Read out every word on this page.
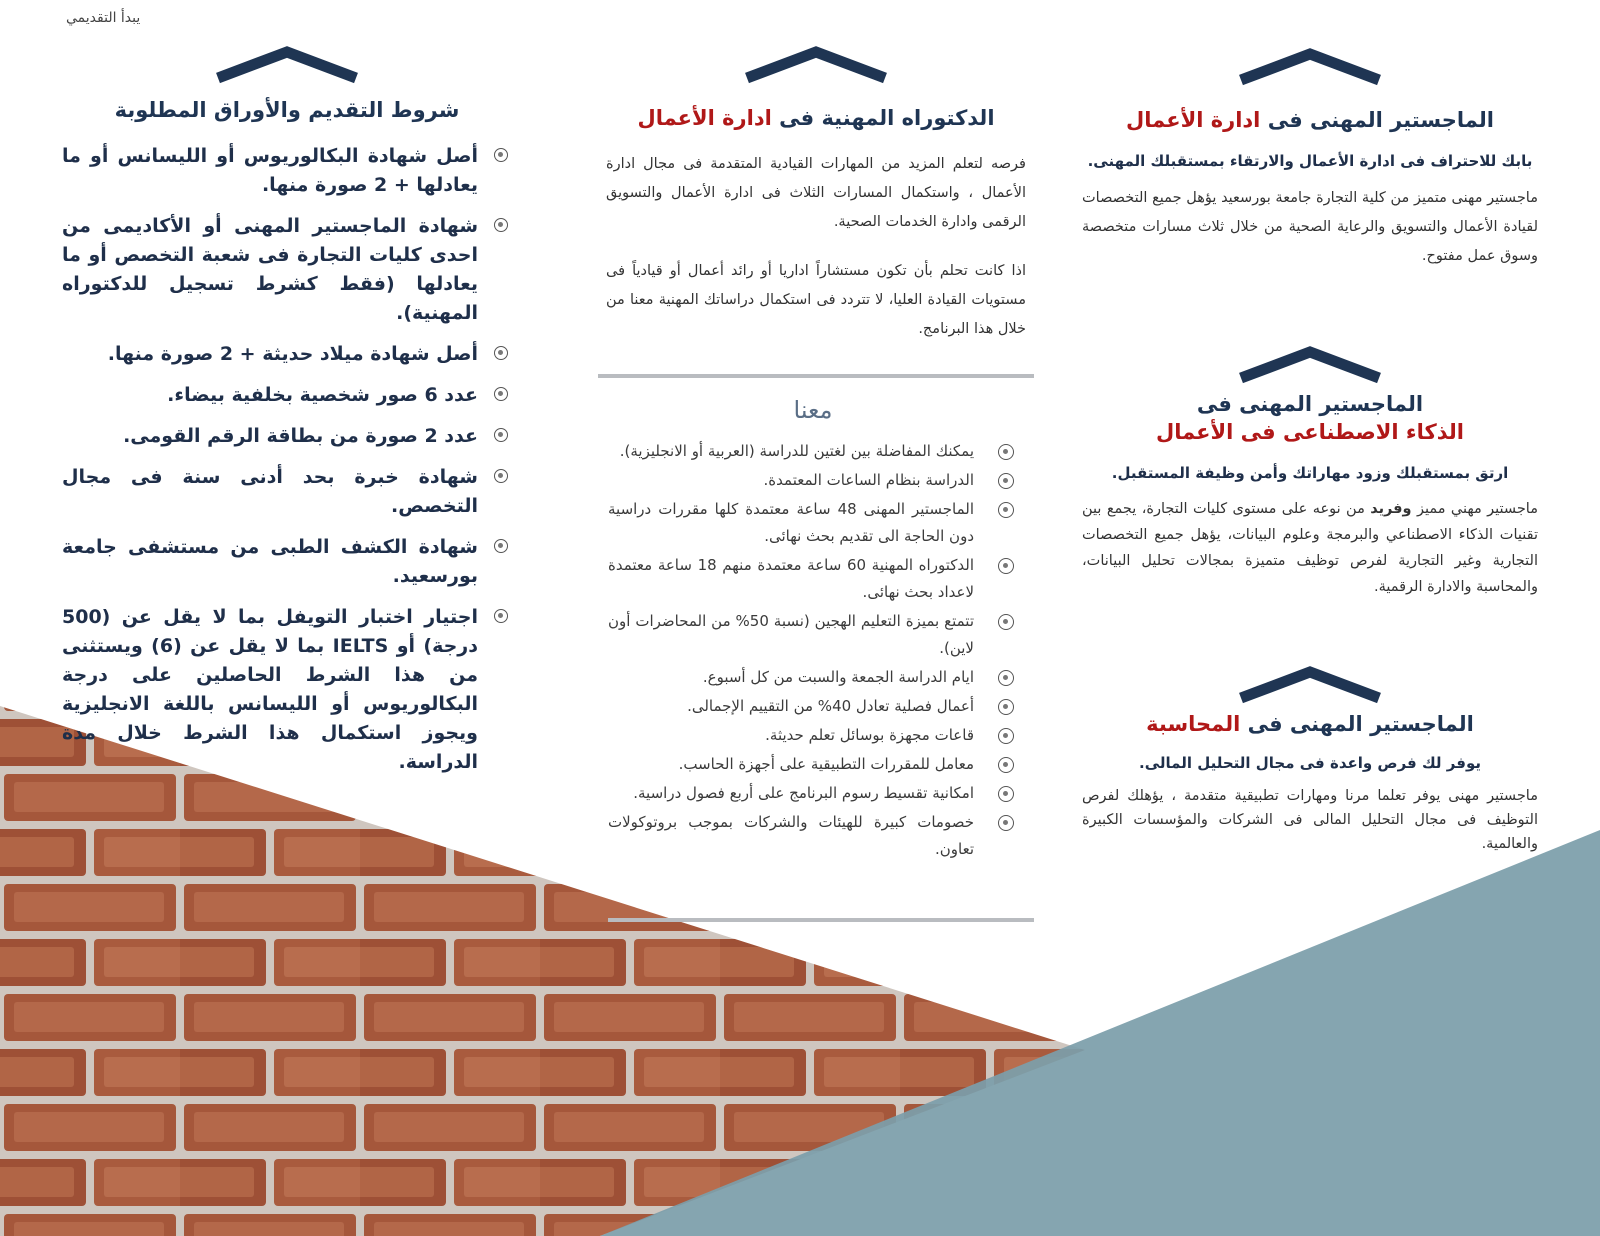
يبدأ التقديمي
شروط التقديم والأوراق المطلوبة
أصل شهادة البكالوريوس أو الليسانس أو ما يعادلها + 2 صورة منها.
شهادة الماجستير المهنى أو الأكاديمى من احدى كليات التجارة فى شعبة التخصص أو ما يعادلها (فقط كشرط تسجيل للدكتوراه المهنية).
أصل شهادة ميلاد حديثة + 2 صورة منها.
عدد 6 صور شخصية بخلفية بيضاء.
عدد 2 صورة من بطاقة الرقم القومى.
شهادة خبرة بحد أدنى سنة فى مجال التخصص.
شهادة الكشف الطبى من مستشفى جامعة بورسعيد.
اجتيار اختبار التويفل بما لا يقل عن (500 درجة) أو IELTS بما لا يقل عن (6) ويستثنى من هذا الشرط الحاصلين على درجة البكالوريوس أو الليسانس باللغة الانجليزية ويجوز استكمال هذا الشرط خلال مدة الدراسة.
الدكتوراه المهنية فى ادارة الأعمال

فرصه لتعلم المزيد من المهارات القيادية المتقدمة فى مجال ادارة الأعمال ، واستكمال المسارات الثلاث فى ادارة الأعمال والتسويق الرقمى وادارة الخدمات الصحية.

اذا كانت تحلم بأن تكون مستشاراً اداريا أو رائد أعمال أو قيادياً فى مستويات القيادة العليا، لا تتردد فى استكمال دراساتك المهنية معنا من خلال هذا البرنامج.

معنا

يمكنك المفاضلة بين لغتين للدراسة (العربية أو الانجليزية).
الدراسة بنظام الساعات المعتمدة.
الماجستير المهنى 48 ساعة معتمدة كلها مقررات دراسية دون الحاجة الى تقديم بحث نهائى.
الدكتوراه المهنية 60 ساعة معتمدة منهم 18 ساعة معتمدة لاعداد بحث نهائى.
تتمتع بميزة التعليم الهجين (نسبة 50% من المحاضرات أون لاين).
ايام الدراسة الجمعة والسبت من كل أسبوع.
أعمال فصلية تعادل 40% من التقييم الإجمالى.
قاعات مجهزة بوسائل تعلم حديثة.
معامل للمقررات التطبيقية على أجهزة الحاسب.
امكانية تقسيط رسوم البرنامج على أربع فصول دراسية.
خصومات كبيرة للهيئات والشركات بموجب بروتوكولات تعاون.
الماجستير المهنى فى ادارة الأعمال

بابك للاحتراف فى ادارة الأعمال والارتقاء بمستقبلك المهنى.

ماجستير مهنى متميز من كلية التجارة جامعة بورسعيد يؤهل جميع التخصصات لقيادة الأعمال والتسويق والرعاية الصحية من خلال ثلاث مسارات متخصصة وسوق عمل مفتوح.

الماجستير المهنى فى
الذكاء الاصطناعى فى الأعمال

ارتق بمستقبلك وزود مهاراتك وأمن وظيفة المستقبل.

ماجستير مهني مميز وفريد من نوعه على مستوى كليات التجارة، يجمع بين تقنيات الذكاء الاصطناعي والبرمجة وعلوم البيانات، يؤهل جميع التخصصات التجارية وغير التجارية لفرص توظيف متميزة بمجالات تحليل البيانات، والمحاسبة والادارة الرقمية.

الماجستير المهنى فى المحاسبة

يوفر لك فرص واعدة فى مجال التحليل المالى.

ماجستير مهنى يوفر تعلما مرنا ومهارات تطبيقية متقدمة ، يؤهلك لفرص التوظيف فى مجال التحليل المالى فى الشركات والمؤسسات الكبيرة والعالمية.
